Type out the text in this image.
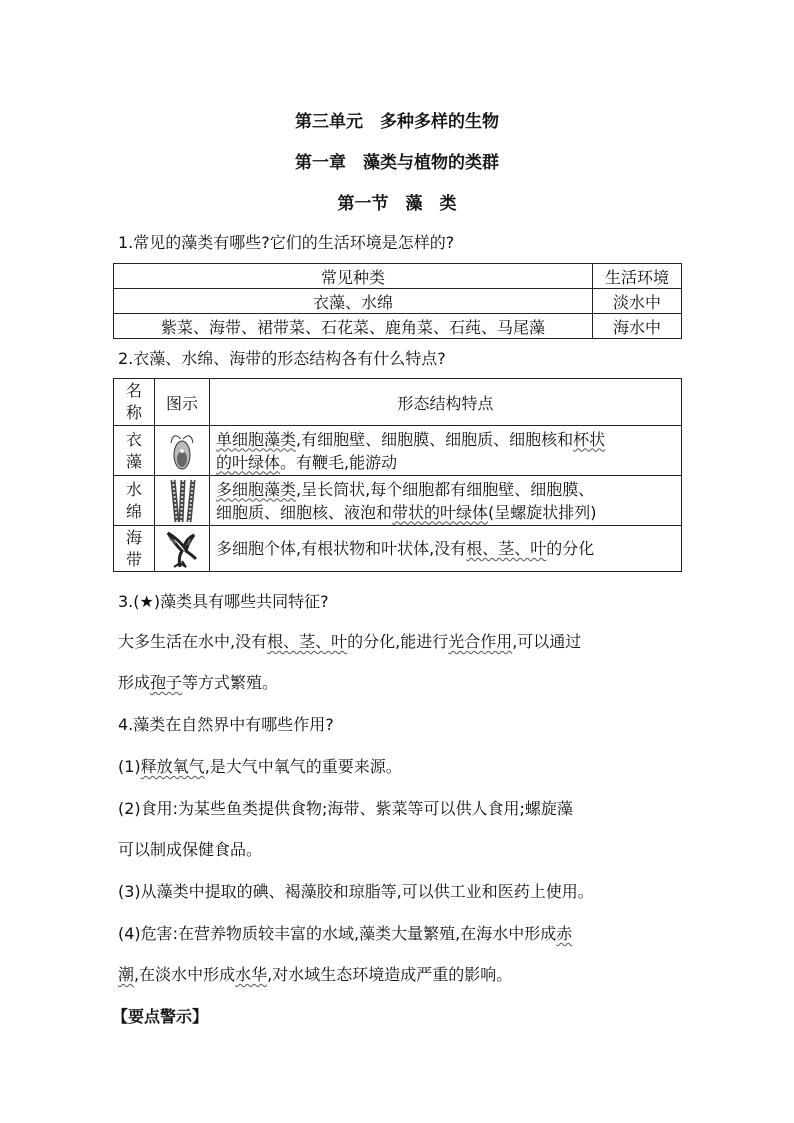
第三单元　多种多样的生物
第一章　藻类与植物的类群
第一节　藻　类
1.常见的藻类有哪些?它们的生活环境是怎样的?
常见种类	生活环境
衣藻、水绵	淡水中
紫菜、海带、裙带菜、石花菜、鹿角菜、石莼、马尾藻	海水中
2.衣藻、水绵、海带的形态结构各有什么特点?
名
称	图示	形态结构特点
衣
藻		单细胞藻类,有细胞壁、细胞膜、细胞质、细胞核和杯状
的叶绿体。有鞭毛,能游动
水
绵		多细胞藻类,呈长筒状,每个细胞都有细胞壁、细胞膜、
细胞质、细胞核、液泡和带状的叶绿体(呈螺旋状排列)
海
带		多细胞个体,有根状物和叶状体,没有根、茎、叶的分化
3.(★)藻类具有哪些共同特征?
大多生活在水中,没有根、茎、叶的分化,能进行光合作用,可以通过
形成孢子等方式繁殖。
4.藻类在自然界中有哪些作用?
(1)释放氧气,是大气中氧气的重要来源。
(2)食用:为某些鱼类提供食物;海带、紫菜等可以供人食用;螺旋藻
可以制成保健食品。
(3)从藻类中提取的碘、褐藻胶和琼脂等,可以供工业和医药上使用。
(4)危害:在营养物质较丰富的水域,藻类大量繁殖,在海水中形成赤
潮,在淡水中形成水华,对水域生态环境造成严重的影响。
【要点警示】
